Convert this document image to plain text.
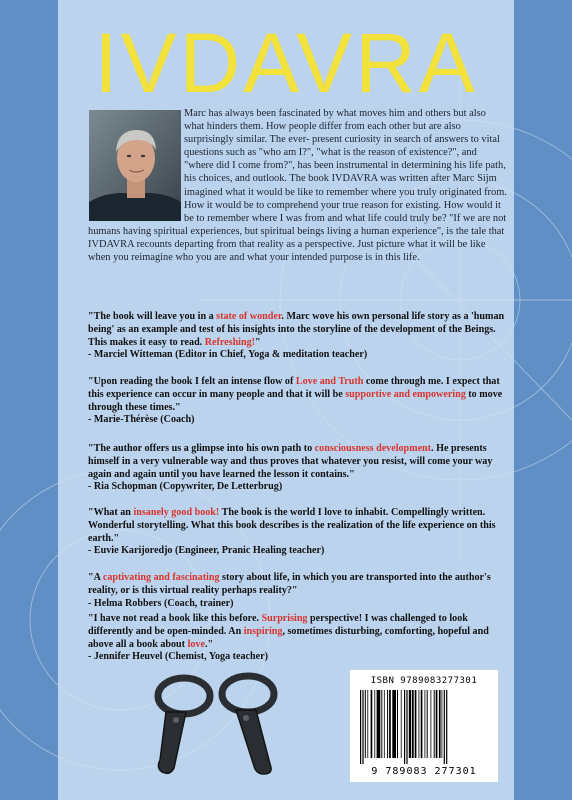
IVDAVRA

Marc has always been fascinated by what moves him and others but also what hinders them. How people differ from each other but are also surprisingly similar. The ever- present curiosity in search of answers to vital questions such as "who am I?", "what is the reason of existence?", and "where did I come from?", has been instrumental in determining his life path, his choices, and outlook. The book IVDAVRA was written after Marc Sijm imagined what it would be like to remember where you truly originated from. How it would be to comprehend your true reason for existing. How would it be to remember where I was from and what life could truly be? "If we are not humans having spiritual experiences, but spiritual beings living a human experience", is the tale that IVDAVRA recounts departing from that reality as a perspective. Just picture what it will be like when you reimagine who you are and what your intended purpose is in this life.

"The book will leave you in a state of wonder. Marc wove his own personal life story as a 'human being' as an example and test of his insights into the storyline of the development of the Beings. This makes it easy to read. Refreshing!"
- Marciel Witteman (Editor in Chief, Yoga & meditation teacher)

"Upon reading the book I felt an intense flow of Love and Truth come through me. I expect that this experience can occur in many people and that it will be supportive and empowering to move through these times."
- Marie-Thérèse (Coach)

"The author offers us a glimpse into his own path to consciousness development. He presents himself in a very vulnerable way and thus proves that whatever you resist, will come your way again and again until you have learned the lesson it contains."
- Ria Schopman (Copywriter, De Letterbrug)

"What an insanely good book! The book is the world I love to inhabit. Compellingly written. Wonderful storytelling. What this book describes is the realization of the life experience on this earth."
- Euvie Karijoredjo (Engineer, Pranic Healing teacher)

"A captivating and fascinating story about life, in which you are transported into the author's reality, or is this virtual reality perhaps reality?"
- Helma Robbers (Coach, trainer)

"I have not read a book like this before. Surprising perspective! I was challenged to look differently and be open-minded. An inspiring, sometimes disturbing, comforting, hopeful and above all a book about love."
- Jennifer Heuvel (Chemist, Yoga teacher)

ISBN 9789083277301
9 789083 277301
